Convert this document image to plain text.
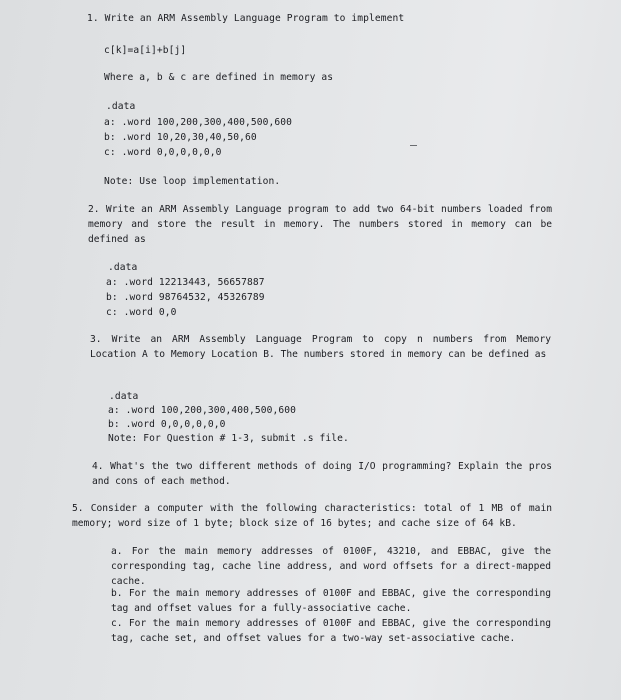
1. Write an ARM Assembly Language Program to implement
c[k]=a[i]+b[j]
Where a, b & c are defined in memory as
.data
a: .word 100,200,300,400,500,600
b: .word 10,20,30,40,50,60
c: .word 0,0,0,0,0,0
Note: Use loop implementation.
2. Write an ARM Assembly Language program to add two 64-bit numbers loaded from memory and store the result in memory. The numbers stored in memory can be defined as
.data
a: .word 12213443, 56657887
b: .word 98764532, 45326789
c: .word 0,0
3. Write an ARM Assembly Language Program to copy n numbers from Memory Location A to Memory Location B. The numbers stored in memory can be defined as
.data
a: .word 100,200,300,400,500,600
b: .word 0,0,0,0,0,0
Note: For Question # 1-3, submit .s file.
4. What's the two different methods of doing I/O programming? Explain the pros and cons of each method.
5. Consider a computer with the following characteristics: total of 1 MB of main memory; word size of 1 byte; block size of 16 bytes; and cache size of 64 kB.
a. For the main memory addresses of 0100F, 43210, and EBBAC, give the corresponding tag, cache line address, and word offsets for a direct-mapped cache.
b. For the main memory addresses of 0100F and EBBAC, give the corresponding tag and offset values for a fully-associative cache.
c. For the main memory addresses of 0100F and EBBAC, give the corresponding tag, cache set, and offset values for a two-way set-associative cache.
